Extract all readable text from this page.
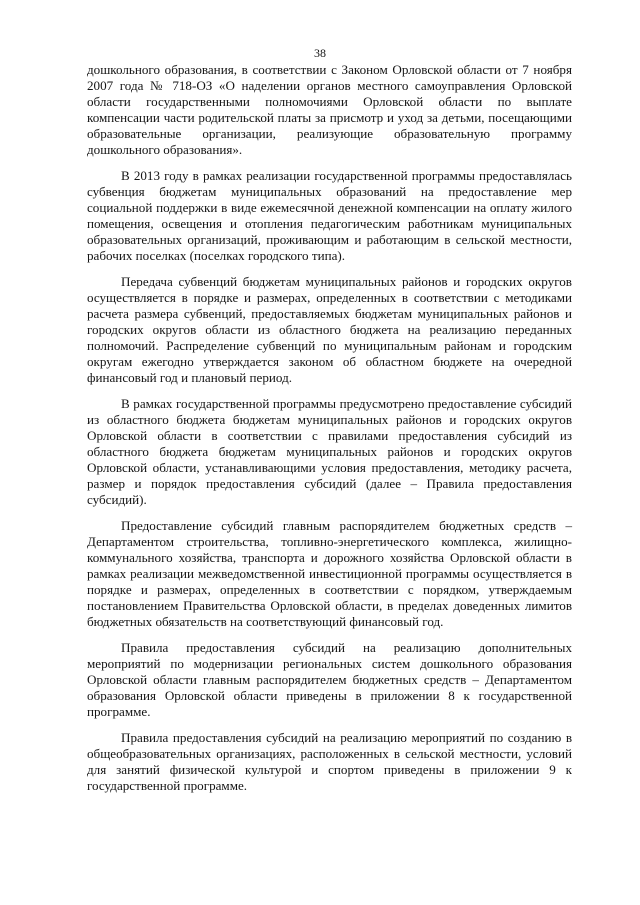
38

дошкольного образования, в соответствии с Законом Орловской области от 7 ноября 2007 года № 718-ОЗ «О наделении органов местного самоуправления Орловской области государственными полномочиями Орловской области по выплате компенсации части родительской платы за присмотр и уход за детьми, посещающими образовательные организации, реализующие образовательную программу дошкольного образования».

В 2013 году в рамках реализации государственной программы предоставлялась субвенция бюджетам муниципальных образований на предоставление мер социальной поддержки в виде ежемесячной денежной компенсации на оплату жилого помещения, освещения и отопления педагогическим работникам муниципальных образовательных организаций, проживающим и работающим в сельской местности, рабочих поселках (поселках городского типа).

Передача субвенций бюджетам муниципальных районов и городских округов осуществляется в порядке и размерах, определенных в соответствии с методиками расчета размера субвенций, предоставляемых бюджетам муниципальных районов и городских округов области из областного бюджета на реализацию переданных полномочий. Распределение субвенций по муниципальным районам и городским округам ежегодно утверждается законом об областном бюджете на очередной финансовый год и плановый период.

В рамках государственной программы предусмотрено предоставление субсидий из областного бюджета бюджетам муниципальных районов и городских округов Орловской области в соответствии с правилами предоставления субсидий из областного бюджета бюджетам муниципальных районов и городских округов Орловской области, устанавливающими условия предоставления, методику расчета, размер и порядок предоставления субсидий (далее – Правила предоставления субсидий).

Предоставление субсидий главным распорядителем бюджетных средств – Департаментом строительства, топливно-энергетического комплекса, жилищно-коммунального хозяйства, транспорта и дорожного хозяйства Орловской области в рамках реализации межведомственной инвестиционной программы осуществляется в порядке и размерах, определенных в соответствии с порядком, утверждаемым постановлением Правительства Орловской области, в пределах доведенных лимитов бюджетных обязательств на соответствующий финансовый год.

Правила предоставления субсидий на реализацию дополнительных мероприятий по модернизации региональных систем дошкольного образования Орловской области главным распорядителем бюджетных средств – Департаментом образования Орловской области приведены в приложении 8 к государственной программе.

Правила предоставления субсидий на реализацию мероприятий по созданию в общеобразовательных организациях, расположенных в сельской местности, условий для занятий физической культурой и спортом приведены в приложении 9 к государственной программе.
